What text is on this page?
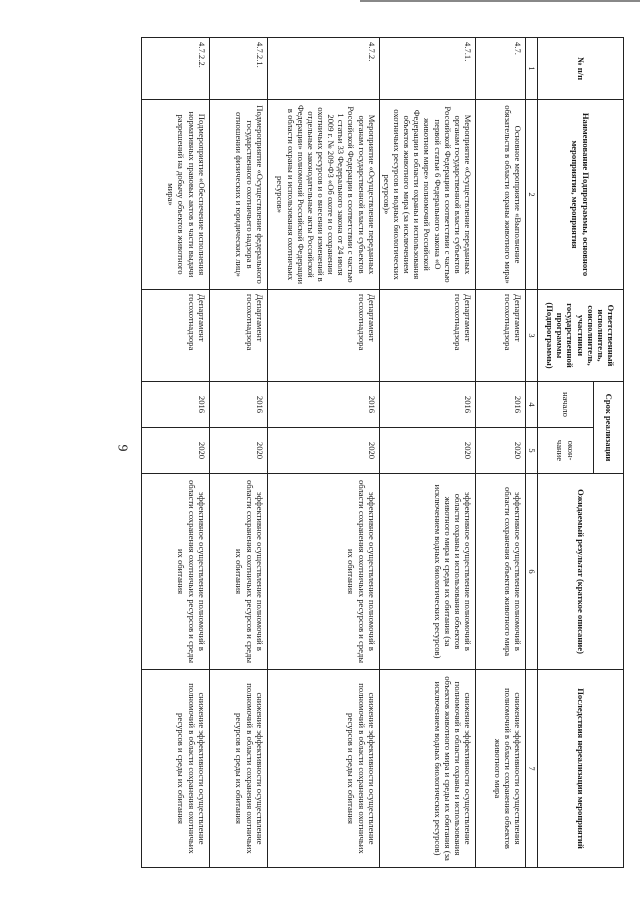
9
№ п/п	Наименование Подпрограммы, основного мероприятия, мероприятия	Ответственный исполнитель, соисполнитель, участники государственной программы (Подпрограммы)	Срок реализации		Ожидаемый результат (краткое описание)	Последствия нереализации мероприятий
			начало	окон-чание		
1	2	3	4	5	6	7
4.7.	Основное мероприятие «Выполнение обязательств в области охраны животного мира»	Департамент госохотнадзора	2016	2020	эффективное осуществление полномочий в области сохранения объектов животного мира	снижение эффективности осуществления полномочий в области сохранения объектов животного мира
4.7.1.	Мероприятие «Осуществление переданных органам государственной власти субъектов Российской Федерации в соответствии с частью первой статьи 6 Федерального закона «О животном мире» полномочий Российской Федерации в области охраны и использования объектов животного мира (за исключением охотничьих ресурсов и водных биологических ресурсов)»	Департамент госохотнадзора	2016	2020	эффективное осуществление полномочий в области охраны и использования объектов животного мира и среды их обитания (за исключением водных биологических ресурсов)	снижение эффективности осуществление полномочий в области охраны и использования объектов животного мира и среды их обитания (за исключением водных биологических ресурсов)
4.7.2.	Мероприятие «Осуществление переданных органам государственной власти субъектов Российской Федерации в соответствии с частью 1 статьи 33 Федерального закона от 24 июля 2009 г. № 209-ФЗ «Об охоте и о сохранении охотничьих ресурсов и о внесении изменений в отдельные законодательные акты Российской Федерации» полномочий Российской Федерации в области охраны и использования охотничьих ресурсов»	Департамент госохотнадзора	2016	2020	эффективное осуществление полномочий в области сохранения охотничьих ресурсов и среды их обитания	снижение эффективности осуществление полномочий в области сохранения охотничьих ресурсов и среды их обитания
4.7.2.1.	Подмероприятие «Осуществление федерального государственного охотничьего надзора в отношении физических и юридических лиц»	Департамент госохотнадзора	2016	2020	эффективное осуществление полномочий в области сохранения охотничьих ресурсов и среды их обитания	снижение эффективности осуществление полномочий в области сохранения охотничьих ресурсов и среды их обитания
4.7.2.2.	Подмероприятие «Обеспечение исполнения нормативных правовых актов в части выдачи разрешений на добычу объектов животного мира»	Департамент госохотнадзора	2016	2020	эффективное осуществление полномочий в области сохранения охотничьих ресурсов и среды их обитания	снижение эффективности осуществление полномочий в области сохранения охотничьих ресурсов и среды их обитания
